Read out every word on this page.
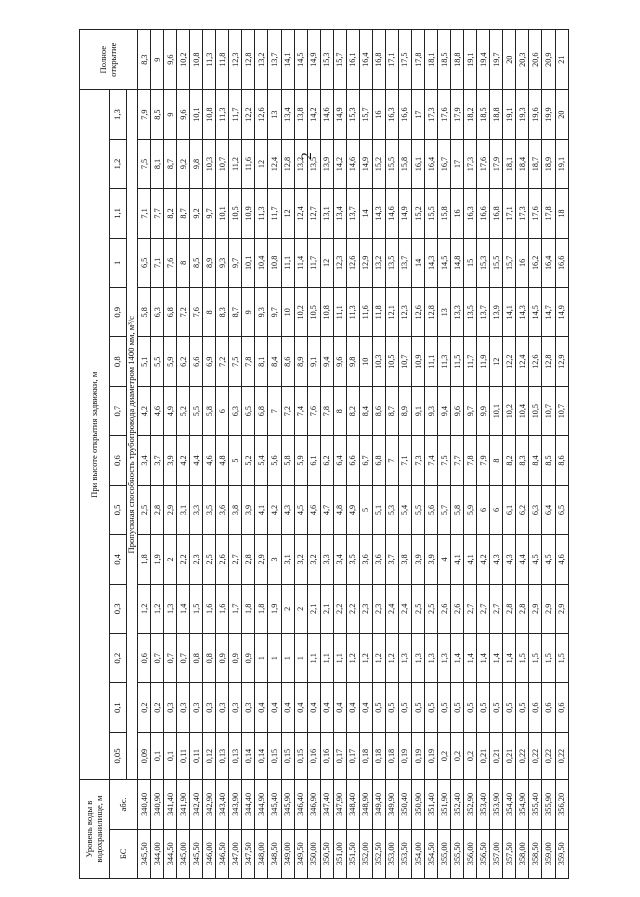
2
Уровень воды в водохранилище, м		При высоте открытия задвижки, м														Полное открытие
БС	абс.	0,05	0,1	0,2	0,3	0,4	0,5	0,6	0,7	0,8	0,9	1	1,1	1,2	1,3	
		Пропускная способность трубопровода диаметром 1400 мм, м³/с														
345,50	340,40	0,09	0,2	0,6	1,2	1,8	2,5	3,4	4,2	5,1	5,8	6,5	7,1	7,5	7,9	8,3
344,00	340,90	0,1	0,2	0,7	1,2	1,9	2,8	3,7	4,6	5,5	6,3	7,1	7,7	8,1	8,5	9
344,50	341,40	0,1	0,3	0,7	1,3	2	2,9	3,9	4,9	5,9	6,8	7,6	8,2	8,7	9	9,6
345,00	341,90	0,11	0,3	0,7	1,4	2,2	3,1	4,2	5,2	6,2	7,2	8	8,7	9,2	9,6	10,2
345,50	342,40	0,11	0,3	0,8	1,5	2,3	3,3	4,4	5,5	6,6	7,6	8,5	9,2	9,8	10,1	10,8
346,00	342,90	0,12	0,3	0,8	1,6	2,5	3,5	4,6	5,8	6,9	8	8,9	9,7	10,3	10,8	11,3
346,50	343,40	0,13	0,3	0,9	1,6	2,6	3,6	4,8	6	7,2	8,3	9,3	10,1	10,7	11,3	11,8
347,00	343,90	0,13	0,3	0,9	1,7	2,7	3,8	5	6,3	7,5	8,7	9,7	10,5	11,2	11,7	12,3
347,50	344,40	0,14	0,3	0,9	1,8	2,8	3,9	5,2	6,5	7,8	9	10,1	10,9	11,6	12,2	12,8
348,00	344,90	0,14	0,4	1	1,8	2,9	4,1	5,4	6,8	8,1	9,3	10,4	11,3	12	12,6	13,2
348,50	345,40	0,15	0,4	1	1,9	3	4,2	5,6	7	8,4	9,7	10,8	11,7	12,4	13	13,7
349,00	345,90	0,15	0,4	1	2	3,1	4,3	5,8	7,2	8,6	10	11,1	12	12,8	13,4	14,1
349,50	346,40	0,15	0,4	1	2	3,2	4,5	5,9	7,4	8,9	10,2	11,4	12,4	13,2	13,8	14,5
350,00	346,90	0,16	0,4	1,1	2,1	3,2	4,6	6,1	7,6	9,1	10,5	11,7	12,7	13,5	14,2	14,9
350,50	347,40	0,16	0,4	1,1	2,1	3,3	4,7	6,2	7,8	9,4	10,8	12	13,1	13,9	14,6	15,3
351,00	347,90	0,17	0,4	1,1	2,2	3,4	4,8	6,4	8	9,6	11,1	12,3	13,4	14,2	14,9	15,7
351,50	348,40	0,17	0,4	1,2	2,2	3,5	4,9	6,6	8,2	9,8	11,3	12,6	13,7	14,6	15,3	16,1
352,00	348,90	0,18	0,4	1,2	2,3	3,6	5	6,7	8,4	10	11,6	12,9	14	14,9	15,7	16,4
352,50	349,40	0,18	0,5	1,2	2,3	3,6	5,1	6,8	8,6	10,3	11,8	13,2	14,3	15,2	16	16,8
353,00	349,90	0,18	0,5	1,2	2,4	3,7	5,3	7	8,7	10,5	12,1	13,5	14,6	15,5	16,3	17,1
353,50	350,40	0,19	0,5	1,3	2,4	3,8	5,4	7,1	8,9	10,7	12,3	13,7	14,9	15,8	16,6	17,5
354,00	350,90	0,19	0,5	1,3	2,5	3,9	5,5	7,3	9,1	10,9	12,6	14	15,2	16,1	17	17,8
354,50	351,40	0,19	0,5	1,3	2,5	3,9	5,6	7,4	9,3	11,1	12,8	14,3	15,5	16,4	17,3	18,1
355,00	351,90	0,2	0,5	1,3	2,6	4	5,7	7,5	9,4	11,3	13	14,5	15,8	16,7	17,6	18,5
355,50	352,40	0,2	0,5	1,4	2,6	4,1	5,8	7,7	9,6	11,5	13,3	14,8	16	17	17,9	18,8
356,00	352,90	0,2	0,5	1,4	2,7	4,1	5,9	7,8	9,7	11,7	13,5	15	16,3	17,3	18,2	19,1
356,50	353,40	0,21	0,5	1,4	2,7	4,2	6	7,9	9,9	11,9	13,7	15,3	16,6	17,6	18,5	19,4
357,00	353,90	0,21	0,5	1,4	2,7	4,3	6	8	10,1	12	13,9	15,5	16,8	17,9	18,8	19,7
357,50	354,40	0,21	0,5	1,4	2,8	4,3	6,1	8,2	10,2	12,2	14,1	15,7	17,1	18,1	19,1	20
358,00	354,90	0,22	0,5	1,5	2,8	4,4	6,2	8,3	10,4	12,4	14,3	16	17,3	18,4	19,3	20,3
358,50	355,40	0,22	0,6	1,5	2,9	4,5	6,3	8,4	10,5	12,6	14,5	16,2	17,6	18,7	19,6	20,6
359,00	355,90	0,22	0,6	1,5	2,9	4,5	6,4	8,5	10,7	12,8	14,7	16,4	17,8	18,9	19,9	20,9
359,50	356,20	0,22	0,6	1,5	2,9	4,6	6,5	8,6	10,7	12,9	14,9	16,6	18	19,1	20	21
